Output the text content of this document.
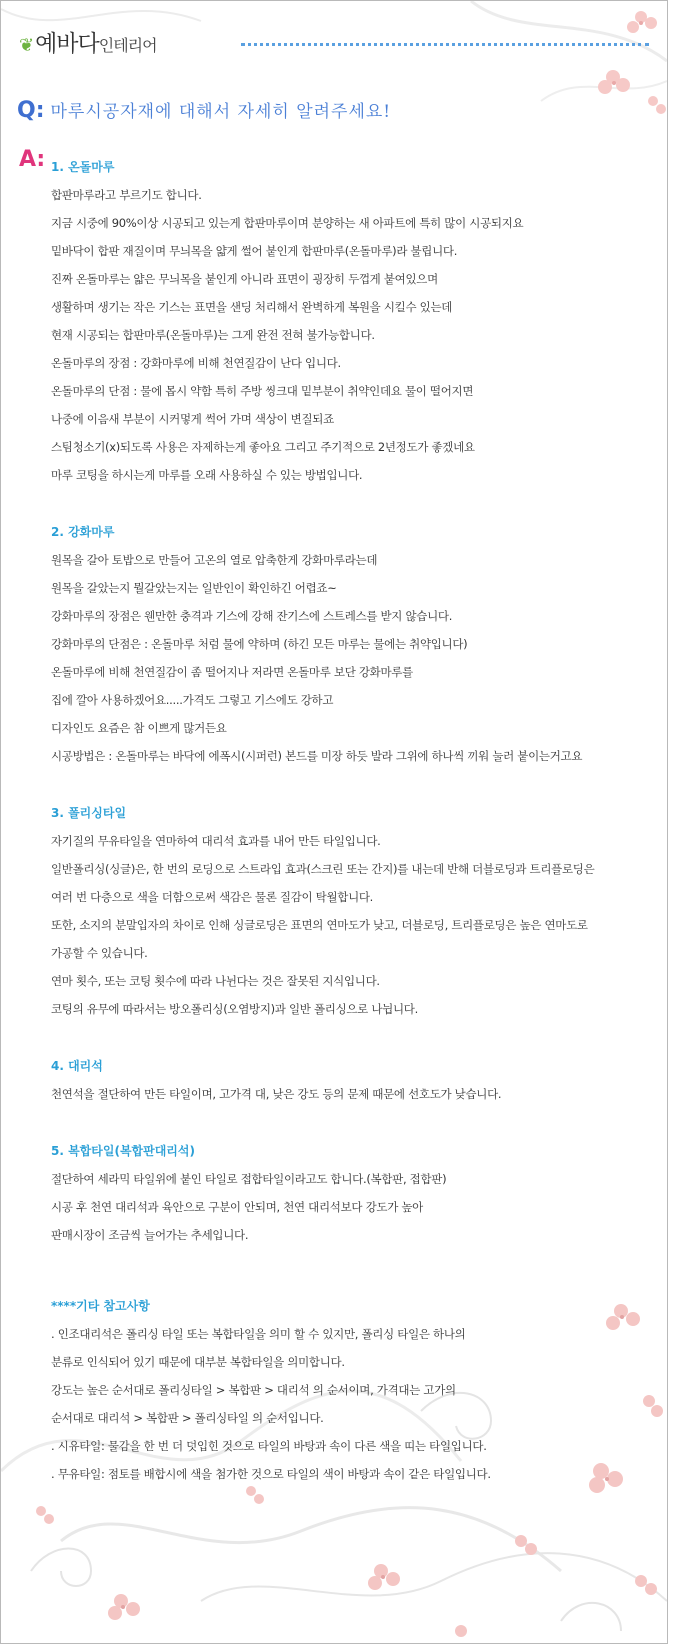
❦예바다인테리어
Q: 마루시공자재에 대해서 자세히 알려주세요!
A: 1. 온돌마루
합판마루라고 부르기도 합니다.
지금 시중에 90%이상 시공되고 있는게 합판마루이며 분양하는 새 아파트에 특히 많이 시공되지요
밑바닥이 합판 재질이며 무늬목을 얇게 썰어 붙인게 합판마루(온돌마루)라 불립니다.
진짜 온돌마루는 얇은 무늬목을 붙인게 아니라 표면이 굉장히 두껍게 붙여있으며
생활하며 생기는 작은 기스는 표면을 샌딩 처리해서 완벽하게 복원을 시킬수 있는데
현재 시공되는 합판마루(온돌마루)는 그게 완전 전혀 불가능합니다.
온돌마루의 장점 : 강화마루에 비해 천연질감이 난다 입니다.
온돌마루의 단점 : 물에 몹시 약함 특히 주방 씽크대 밑부분이 취약인데요 물이 떨어지면
나중에 이음새 부분이 시커멓게 썩어 가며 색상이 변질되죠
스팀청소기(x)되도록 사용은 자제하는게 좋아요 그리고 주기적으로 2년정도가 좋겠네요
마루 코팅을 하시는게 마루를 오래 사용하실 수 있는 방법입니다.
2. 강화마루
원목을 갈아 토밥으로 만들어 고온의 열로 압축한게 강화마루라는데
원목을 갈았는지 뭘갈았는지는 일반인이 확인하긴 어렵죠~
강화마루의 장점은 웬만한 충격과 기스에 강해 잔기스에 스트레스를 받지 않습니다.
강화마루의 단점은 : 온돌마루 처럼 물에 약하며 (하긴 모든 마루는 물에는 취약입니다)
온돌마루에 비해 천연질감이 좀 떨어지나 저라면 온돌마루 보단 강화마루를
집에 깔아 사용하겠어요.....가격도 그렇고 기스에도 강하고
디자인도 요즘은 참 이쁘게 많거든요
시공방법은 : 온돌마루는 바닥에 에폭시(시퍼런) 본드를 미장 하듯 발라 그위에 하나씩 끼워 눌러 붙이는거고요
3. 폴리싱타일
자기질의 무유타일을 연마하여 대리석 효과를 내어 만든 타일입니다.
일반폴리싱(싱글)은, 한 번의 로딩으로 스트라입 효과(스크린 또는 간지)를 내는데 반해 더블로딩과 트리플로딩은
여러 번 다층으로 색을 더함으로써 색감은 물론 질감이 탁월합니다.
또한, 소지의 분말입자의 차이로 인해 싱글로딩은 표면의 연마도가 낮고, 더블로딩, 트리플로딩은 높은 연마도로
가공할 수 있습니다.
연마 횟수, 또는 코팅 횟수에 따라 나뉜다는 것은 잘못된 지식입니다.
코팅의 유무에 따라서는 방오폴리싱(오염방지)과 일반 폴리싱으로 나뉩니다.
4. 대리석
천연석을 절단하여 만든 타일이며, 고가격 대, 낮은 강도 등의 문제 때문에 선호도가 낮습니다.
5. 복합타일(복합판대리석)
절단하여 세라믹 타일위에 붙인 타일로 접합타일이라고도 합니다.(복합판, 접합판)
시공 후 천연 대리석과 육안으로 구분이 안되며, 천연 대리석보다 강도가 높아
판매시장이 조금씩 늘어가는 추세입니다.
****기타 참고사항
. 인조대리석은 폴리싱 타일 또는 복합타일을 의미 할 수 있지만, 폴리싱 타일은 하나의
분류로 인식되어 있기 때문에 대부분 복합타일을 의미합니다.
강도는 높은 순서대로 폴리싱타일 > 복합판 > 대리석 의 순서이며, 가격대는 고가의
순서대로 대리석 > 복합판 > 폴리싱타일 의 순서입니다.
. 시유타일: 물감을 한 번 더 덧입힌 것으로 타일의 바탕과 속이 다른 색을 띠는 타일입니다.
. 무유타일: 점토를 배합시에 색을 첨가한 것으로 타일의 색이 바탕과 속이 같은 타일입니다.
